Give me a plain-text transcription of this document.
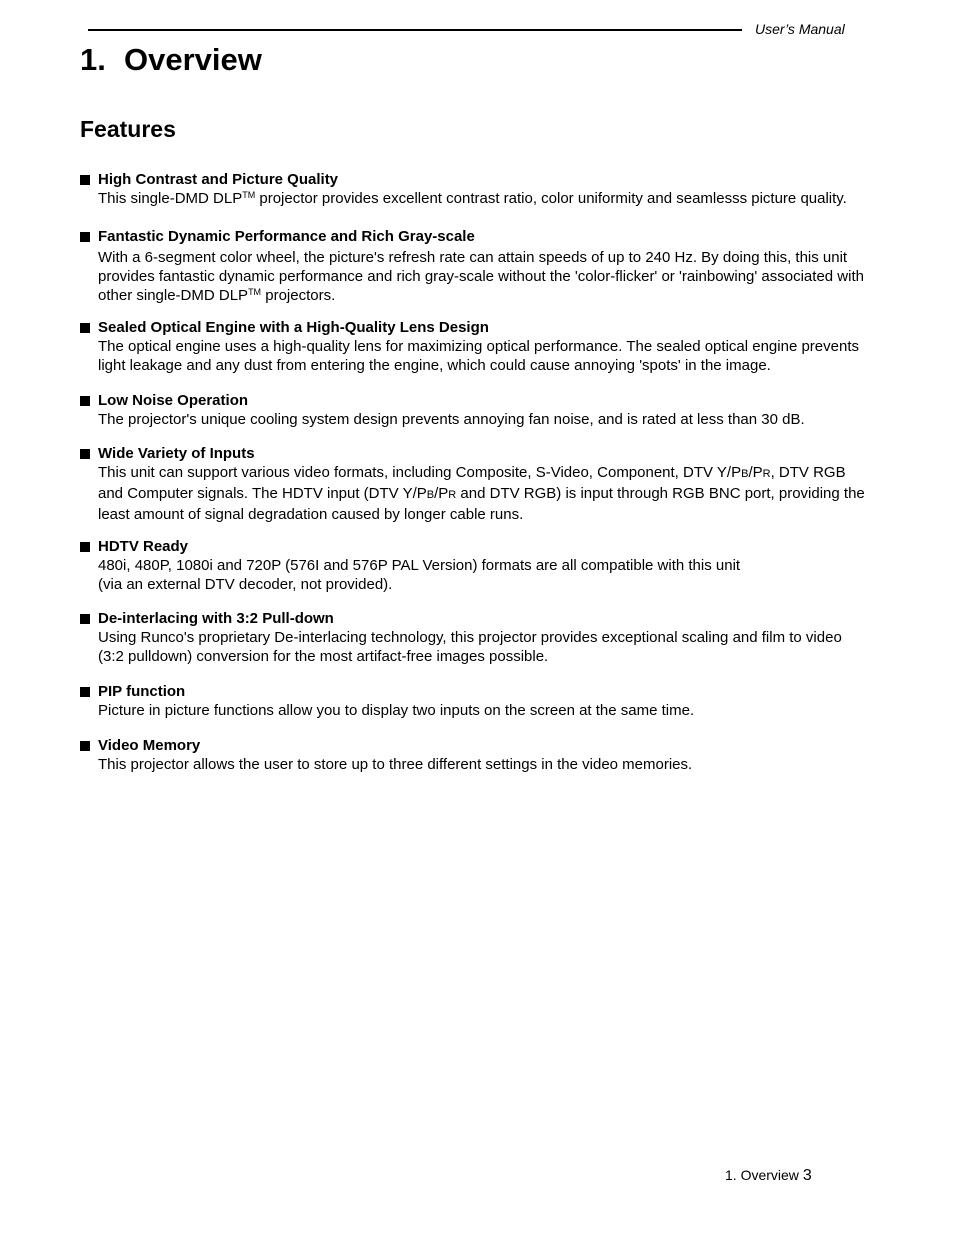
User’s Manual
1. Overview
Features
High Contrast and Picture Quality
This single-DMD DLP™ projector provides excellent contrast ratio, color uniformity and seamlesss picture quality.
Fantastic Dynamic Performance and Rich Gray-scale
With a 6-segment color wheel, the picture's refresh rate can attain speeds of up to 240 Hz. By doing this, this unit
provides fantastic dynamic performance and rich gray-scale without the 'color-flicker' or 'rainbowing' associated with
other single-DMD DLP™ projectors.
Sealed Optical Engine with a High-Quality Lens Design
The optical engine uses a high-quality lens for maximizing optical performance. The sealed optical engine prevents
light leakage and any dust from entering the engine, which could cause annoying 'spots' in the image.
Low Noise Operation
The projector's unique cooling system design prevents annoying fan noise, and is rated at less than 30 dB.
Wide Variety of Inputs
This unit can support various video formats, including Composite, S-Video, Component, DTV Y/PB/PR, DTV RGB
and Computer signals. The HDTV input (DTV Y/PB/PR and DTV RGB) is input through RGB BNC port, providing the
least amount of signal degradation caused by longer cable runs.
HDTV Ready
480i, 480P, 1080i and 720P (576I and 576P PAL Version) formats are all compatible with this unit
(via an external DTV decoder, not provided).
De-interlacing with 3:2 Pull-down
Using Runco's proprietary De-interlacing technology, this projector provides exceptional scaling and film to video
(3:2 pulldown) conversion for the most artifact-free images possible.
PIP function
Picture in picture functions allow you to display two inputs on the screen at the same time.
Video Memory
This projector allows the user to store up to three different settings in the video memories.
1. Overview 3
